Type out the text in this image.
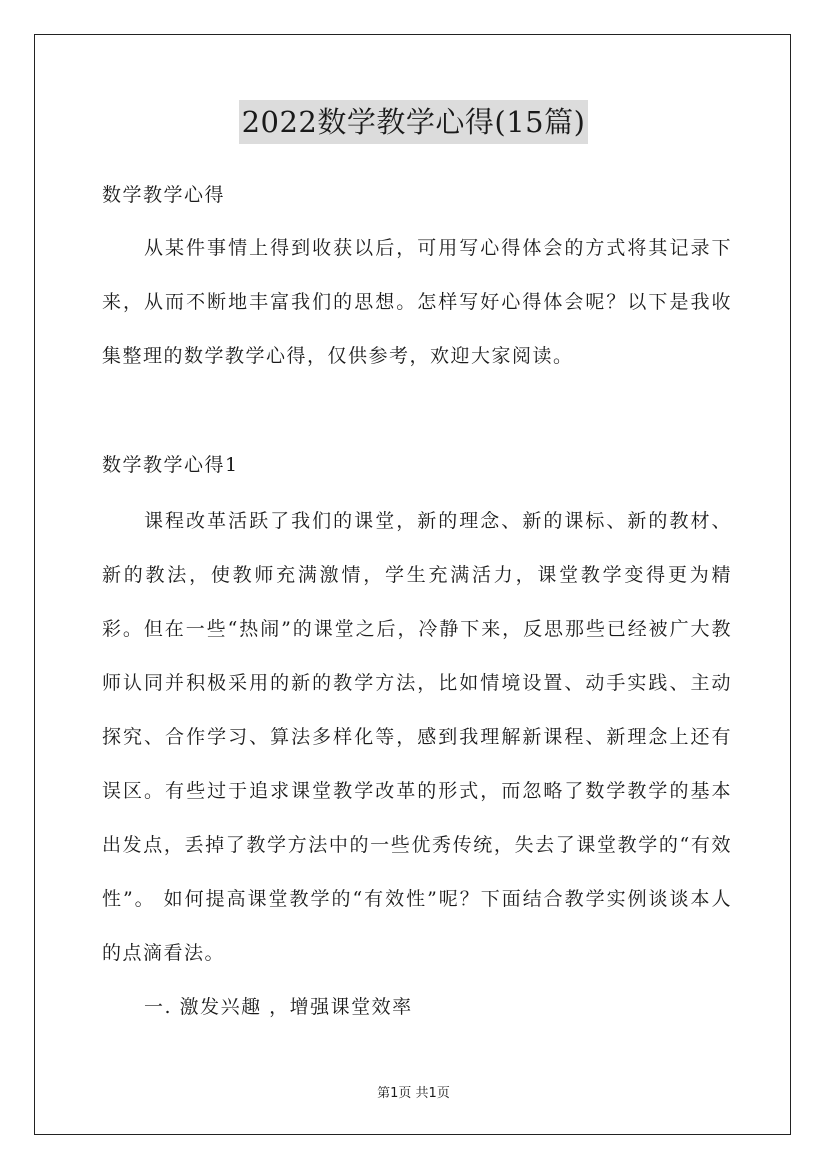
2022数学教学心得(15篇)
数学教学心得
从某件事情上得到收获以后，可用写心得体会的方式将其记录下来，从而不断地丰富我们的思想。怎样写好心得体会呢？以下是我收集整理的数学教学心得，仅供参考，欢迎大家阅读。
数学教学心得1
课程改革活跃了我们的课堂，新的理念、新的课标、新的教材、新的教法，使教师充满激情，学生充满活力，课堂教学变得更为精彩。但在一些“热闹”的课堂之后，冷静下来，反思那些已经被广大教师认同并积极采用的新的教学方法，比如情境设置、动手实践、主动探究、合作学习、算法多样化等，感到我理解新课程、新理念上还有误区。有些过于追求课堂教学改革的形式，而忽略了数学教学的基本出发点，丢掉了教学方法中的一些优秀传统，失去了课堂教学的“有效性”。 如何提高课堂教学的“有效性”呢？下面结合教学实例谈谈本人的点滴看法。
一. 激发兴趣 ，增强课堂效率
第1页 共1页
